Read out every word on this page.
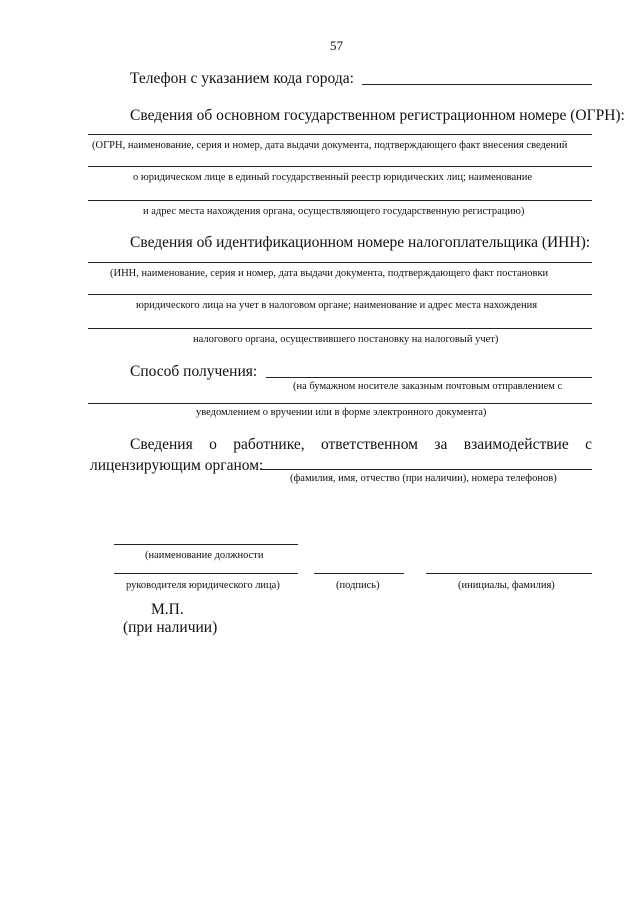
57
Телефон с указанием кода города:
Сведения об основном государственном регистрационном номере (ОГРН):
(ОГРН, наименование, серия и номер, дата выдачи документа, подтверждающего факт внесения сведений
о юридическом лице в единый государственный реестр юридических лиц; наименование
и адрес места нахождения органа, осуществляющего государственную регистрацию)
Сведения об идентификационном номере налогоплательщика (ИНН):
(ИНН, наименование, серия и номер, дата выдачи документа, подтверждающего факт постановки
юридического лица на учет в налоговом органе; наименование и адрес места нахождения
налогового органа, осуществившего постановку на налоговый учет)
Способ получения:
(на бумажном носителе заказным почтовым отправлением с
уведомлением о вручении или в форме электронного документа)
Сведения о работнике, ответственном за взаимодействие с
лицензирующим органом:
(фамилия, имя, отчество (при наличии), номера телефонов)
(наименование должности
руководителя юридического лица)	(подпись)	(инициалы, фамилия)
М.П.
(при наличии)
